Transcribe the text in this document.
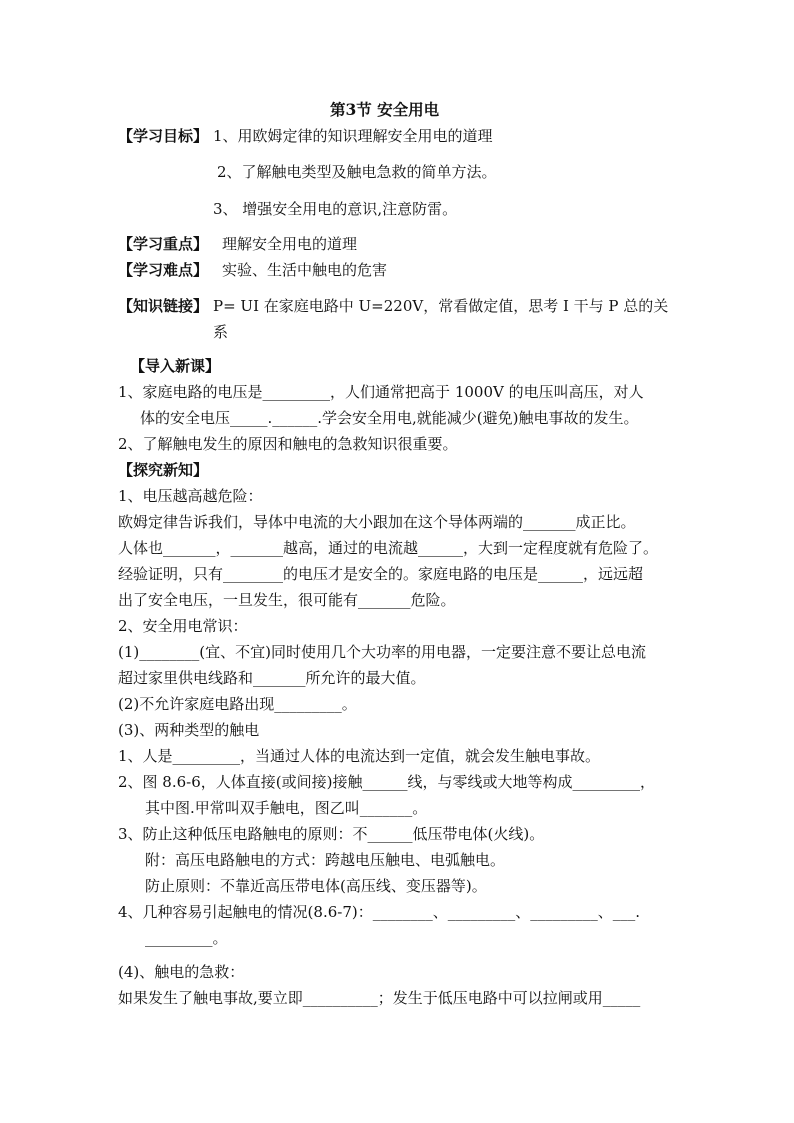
第3节 安全用电
【学习目标】 1、用欧姆定律的知识理解安全用电的道理
2、了解触电类型及触电急救的简单方法。
3、 增强安全用电的意识,注意防雷。
【学习重点】 理解安全用电的道理
【学习难点】 实验、生活中触电的危害
【知识链接】 P= UI 在家庭电路中 U=220V，常看做定值，思考 I 干与 P 总的关
系
【导入新课】
1、家庭电路的电压是_________，人们通常把高于 1000V 的电压叫高压，对人
体的安全电压_____.______.学会安全用电,就能减少(避免)触电事故的发生。
2、了解触电发生的原因和触电的急救知识很重要。
【探究新知】
1、电压越高越危险：
欧姆定律告诉我们，导体中电流的大小跟加在这个导体两端的_______成正比。
人体也_______，_______越高，通过的电流越______，大到一定程度就有危险了。
经验证明，只有________的电压才是安全的。家庭电路的电压是______，远远超
出了安全电压，一旦发生，很可能有_______危险。
2、安全用电常识：
(1)________(宜、不宜)同时使用几个大功率的用电器，一定要注意不要让总电流
超过家里供电线路和_______所允许的最大值。
(2)不允许家庭电路出现_________。
(3)、两种类型的触电
1、人是_________，当通过人体的电流达到一定值，就会发生触电事故。
2、图 8.6-6，人体直接(或间接)接触______线，与零线或大地等构成_________，
其中图.甲常叫双手触电，图乙叫_______。
3、防止这种低压电路触电的原则：不______低压带电体(火线)。
附：高压电路触电的方式：跨越电压触电、电弧触电。
防止原则：不靠近高压带电体(高压线、变压器等)。
4、几种容易引起触电的情况(8.6-7)：________、_________、_________、___.
_________。
(4)、触电的急救：
如果发生了触电事故,要立即__________；发生于低压电路中可以拉闸或用_____
